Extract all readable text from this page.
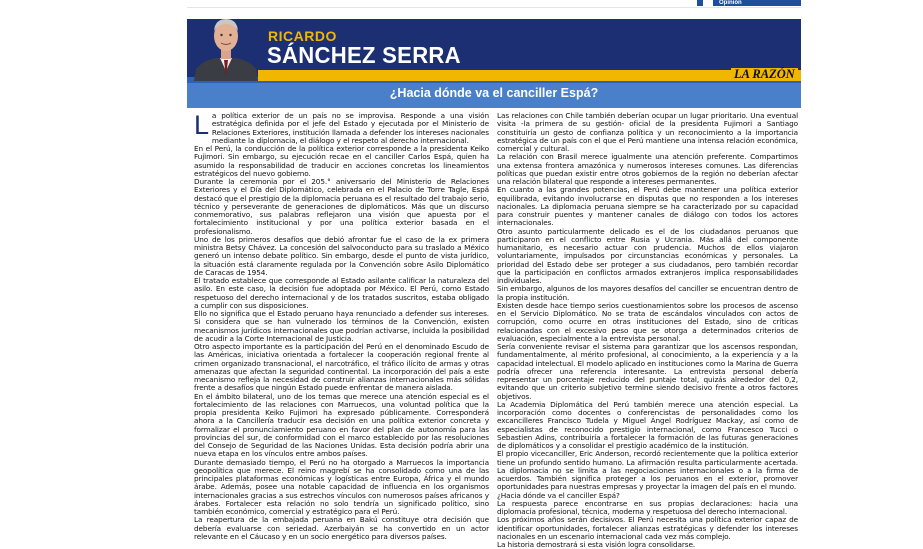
Opinión
RICARDO
SÁNCHEZ SERRA
LA RAZÓN
¿Hacia dónde va el canciller Espá?

La política exterior de un país no se improvisa. Responde a una visión estratégica definida por el jefe del Estado y ejecutada por el Ministerio de Relaciones Exteriores, institución llamada a defender los intereses nacionales mediante la diplomacia, el diálogo y el respeto al derecho internacional.

En el Perú, la conducción de la política exterior corresponde a la presidenta Keiko Fujimori. Sin embargo, su ejecución recae en el canciller Carlos Espá, quien ha asumido la responsabilidad de traducir en acciones concretas los lineamientos estratégicos del nuevo gobierno.

Durante la ceremonia por el 205.° aniversario del Ministerio de Relaciones Exteriores y el Día del Diplomático, celebrada en el Palacio de Torre Tagle, Espá destacó que el prestigio de la diplomacia peruana es el resultado del trabajo serio, técnico y perseverante de generaciones de diplomáticos. Más que un discurso conmemorativo, sus palabras reflejaron una visión que apuesta por el fortalecimiento institucional y por una política exterior basada en el profesionalismo.

Uno de los primeros desafíos que debió afrontar fue el caso de la ex primera ministra Betsy Chávez. La concesión del salvoconducto para su traslado a México generó un intenso debate político. Sin embargo, desde el punto de vista jurídico, la situación está claramente regulada por la Convención sobre Asilo Diplomático de Caracas de 1954.

El tratado establece que corresponde al Estado asilante calificar la naturaleza del asilo. En este caso, la decisión fue adoptada por México. El Perú, como Estado respetuoso del derecho internacional y de los tratados suscritos, estaba obligado a cumplir con sus disposiciones.

Ello no significa que el Estado peruano haya renunciado a defender sus intereses. Si considera que se han vulnerado los términos de la Convención, existen mecanismos jurídicos internacionales que podrían activarse, incluida la posibilidad de acudir a la Corte Internacional de Justicia.

Otro aspecto importante es la participación del Perú en el denominado Escudo de las Américas, iniciativa orientada a fortalecer la cooperación regional frente al crimen organizado transnacional, el narcotráfico, el tráfico ilícito de armas y otras amenazas que afectan la seguridad continental. La incorporación del país a este mecanismo refleja la necesidad de construir alianzas internacionales más sólidas frente a desafíos que ningún Estado puede enfrentar de manera aislada.

En el ámbito bilateral, uno de los temas que merece una atención especial es el fortalecimiento de las relaciones con Marruecos, una voluntad política que la propia presidenta Keiko Fujimori ha expresado públicamente. Corresponderá ahora a la Cancillería traducir esa decisión en una política exterior concreta y formalizar el pronunciamiento peruano en favor del plan de autonomía para las provincias del sur, de conformidad con el marco establecido por las resoluciones del Consejo de Seguridad de las Naciones Unidas. Esta decisión podría abrir una nueva etapa en los vínculos entre ambos países.

Durante demasiado tiempo, el Perú no ha otorgado a Marruecos la importancia geopolítica que merece. El reino magrebí se ha consolidado como una de las principales plataformas económicas y logísticas entre Europa, África y el mundo árabe. Además, posee una notable capacidad de influencia en los organismos internacionales gracias a sus estrechos vínculos con numerosos países africanos y árabes. Fortalecer esta relación no solo tendría un significado político, sino también económico, comercial y estratégico para el Perú.

La reapertura de la embajada peruana en Bakú constituye otra decisión que debería evaluarse con seriedad. Azerbaiyán se ha convertido en un actor relevante en el Cáucaso y en un socio energético para diversos países.

Las relaciones con Chile también deberían ocupar un lugar prioritario. Una eventual visita -la primera de su gestión- oficial de la presidenta Fujimori a Santiago constituiría un gesto de confianza política y un reconocimiento a la importancia estratégica de un país con el que el Perú mantiene una intensa relación económica, comercial y cultural.

La relación con Brasil merece igualmente una atención preferente. Compartimos una extensa frontera amazónica y numerosos intereses comunes. Las diferencias políticas que puedan existir entre otros gobiernos de la región no deberían afectar una relación bilateral que responde a intereses permanentes.

En cuanto a las grandes potencias, el Perú debe mantener una política exterior equilibrada, evitando involucrarse en disputas que no responden a los intereses nacionales. La diplomacia peruana siempre se ha caracterizado por su capacidad para construir puentes y mantener canales de diálogo con todos los actores internacionales.

Otro asunto particularmente delicado es el de los ciudadanos peruanos que participaron en el conflicto entre Rusia y Ucrania. Más allá del componente humanitario, es necesario actuar con prudencia. Muchos de ellos viajaron voluntariamente, impulsados por circunstancias económicas y personales. La prioridad del Estado debe ser proteger a sus ciudadanos, pero también recordar que la participación en conflictos armados extranjeros implica responsabilidades individuales.

Sin embargo, algunos de los mayores desafíos del canciller se encuentran dentro de la propia institución.

Existen desde hace tiempo serios cuestionamientos sobre los procesos de ascenso en el Servicio Diplomático. No se trata de escándalos vinculados con actos de corrupción, como ocurre en otras instituciones del Estado, sino de críticas relacionadas con el excesivo peso que se otorga a determinados criterios de evaluación, especialmente a la entrevista personal.

Sería conveniente revisar el sistema para garantizar que los ascensos respondan, fundamentalmente, al mérito profesional, al conocimiento, a la experiencia y a la capacidad intelectual. El modelo aplicado en instituciones como la Marina de Guerra podría ofrecer una referencia interesante. La entrevista personal debería representar un porcentaje reducido del puntaje total, quizás alrededor del 0,2, evitando que un criterio subjetivo termine siendo decisivo frente a otros factores objetivos.

La Academia Diplomática del Perú también merece una atención especial. La incorporación como docentes o conferencistas de personalidades como los excancilleres Francisco Tudela y Miguel Ángel Rodríguez Mackay, así como de especialistas de reconocido prestigio internacional, como Francesco Tucci o Sebastien Adins, contribuiría a fortalecer la formación de las futuras generaciones de diplomáticos y a consolidar el prestigio académico de la institución.

El propio vicecanciller, Eric Anderson, recordó recientemente que la política exterior tiene un profundo sentido humano. La afirmación resulta particularmente acertada. La diplomacia no se limita a las negociaciones internacionales o a la firma de acuerdos. También significa proteger a los peruanos en el exterior, promover oportunidades para nuestras empresas y proyectar la imagen del país en el mundo.

¿Hacia dónde va el canciller Espá?

La respuesta parece encontrarse en sus propias declaraciones: hacia una diplomacia profesional, técnica, moderna y respetuosa del derecho internacional.

Los próximos años serán decisivos. El Perú necesita una política exterior capaz de identificar oportunidades, fortalecer alianzas estratégicas y defender los intereses nacionales en un escenario internacional cada vez más complejo.

La historia demostrará si esta visión logra consolidarse.
